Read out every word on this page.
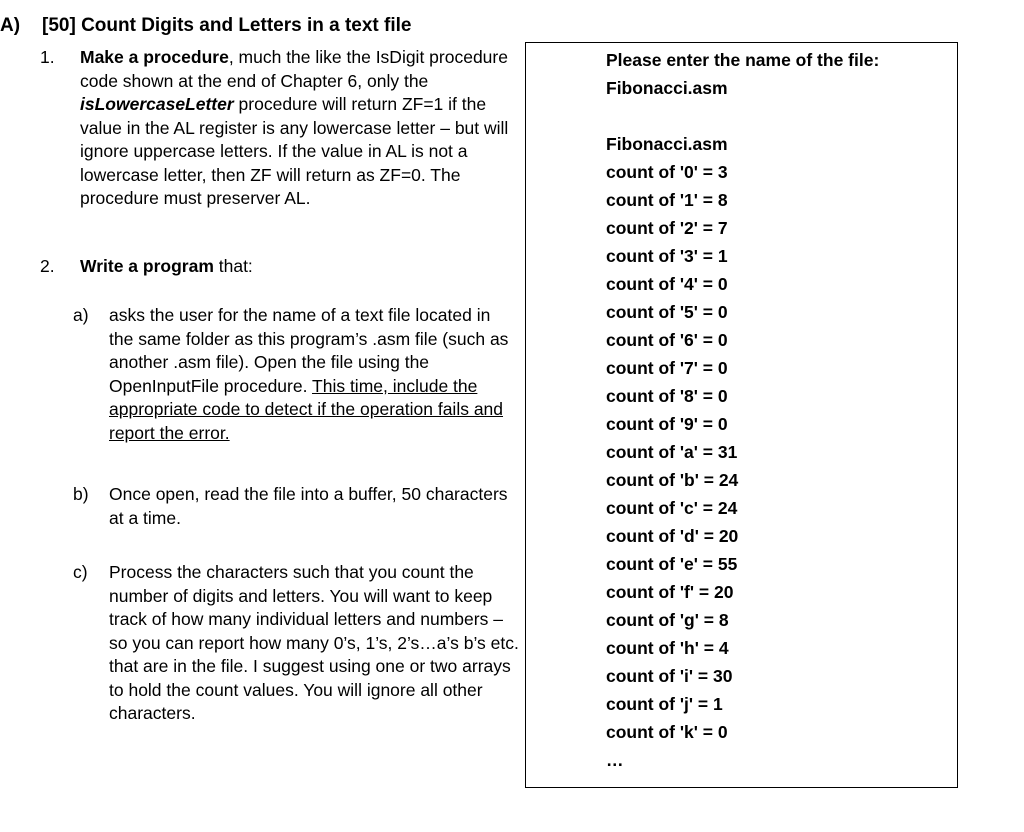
A) [50] Count Digits and Letters in a text file
1. Make a procedure, much the like the IsDigit procedure code shown at the end of Chapter 6, only the isLowercaseLetter procedure will return ZF=1 if the value in the AL register is any lowercase letter – but will ignore uppercase letters. If the value in AL is not a lowercase letter, then ZF will return as ZF=0. The procedure must preserver AL.
2. Write a program that:
a) asks the user for the name of a text file located in the same folder as this program’s .asm file (such as another .asm file). Open the file using the OpenInputFile procedure. This time, include the appropriate code to detect if the operation fails and report the error.
b) Once open, read the file into a buffer, 50 characters at a time.
c) Process the characters such that you count the number of digits and letters. You will want to keep track of how many individual letters and numbers – so you can report how many 0’s, 1’s, 2’s…a’s b’s etc. that are in the file. I suggest using one or two arrays to hold the count values. You will ignore all other characters.
Please enter the name of the file:
Fibonacci.asm
Fibonacci.asm
count of '0' = 3
count of '1' = 8
count of '2' = 7
count of '3' = 1
count of '4' = 0
count of '5' = 0
count of '6' = 0
count of '7' = 0
count of '8' = 0
count of '9' = 0
count of 'a' = 31
count of 'b' = 24
count of 'c' = 24
count of 'd' = 20
count of 'e' = 55
count of 'f' = 20
count of 'g' = 8
count of 'h' = 4
count of 'i' = 30
count of 'j' = 1
count of 'k' = 0
…
